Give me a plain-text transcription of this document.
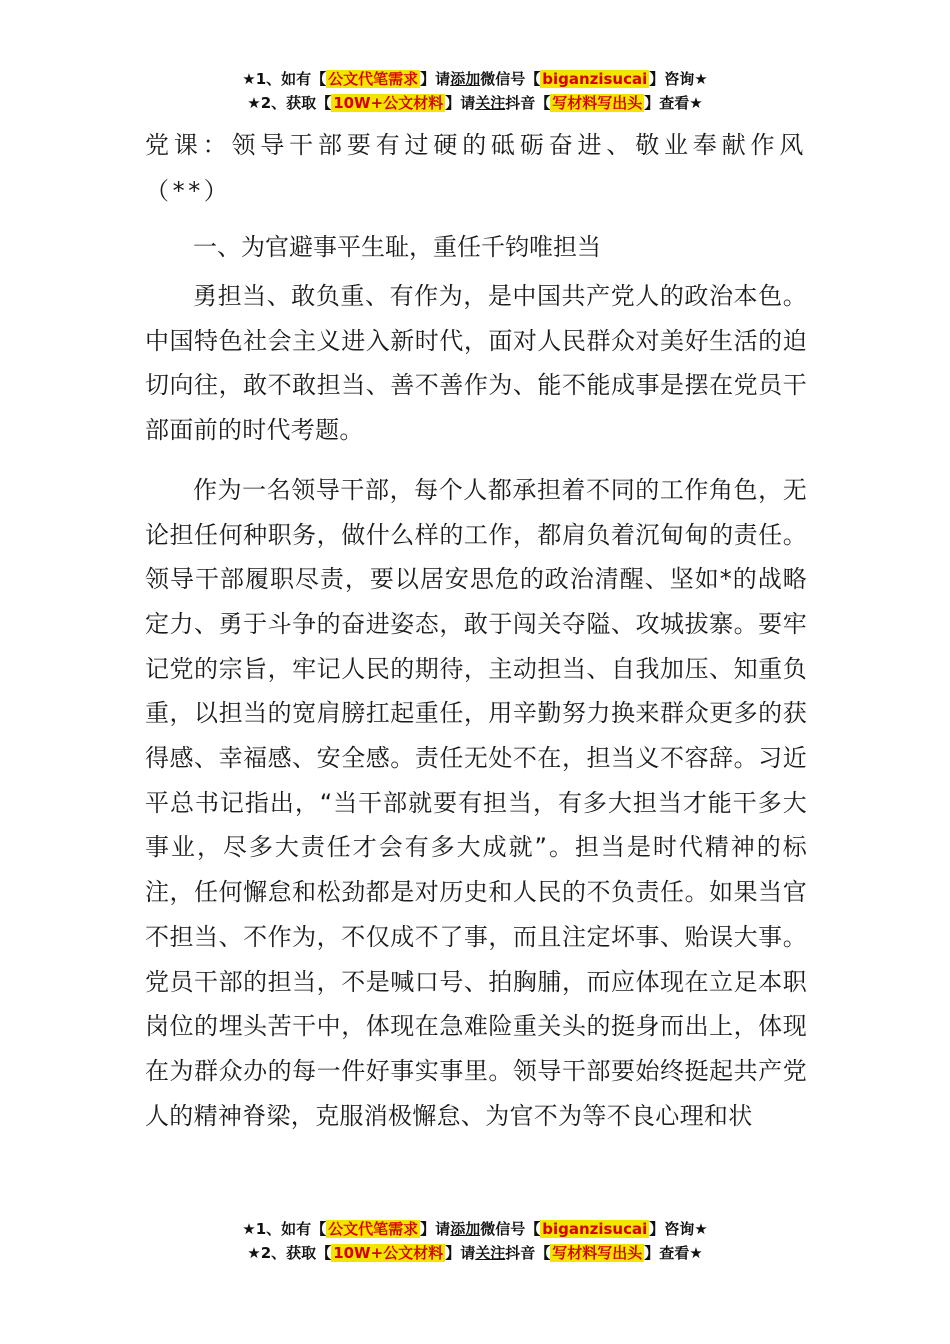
★1、如有【 公文代笔需求 】请添加微信号【 biganzisucai 】咨询★
★2、获取【 10W+公文材料 】请关注抖音【 写材料写出头 】查看★
党课：领导干部要有过硬的砥砺奋进、敬业奉献作风（**）
一、为官避事平生耻，重任千钧唯担当

勇担当、敢负重、有作为，是中国共产党人的政治本色。中国特色社会主义进入新时代，面对人民群众对美好生活的迫切向往，敢不敢担当、善不善作为、能不能成事是摆在党员干部面前的时代考题。

作为一名领导干部，每个人都承担着不同的工作角色，无论担任何种职务，做什么样的工作，都肩负着沉甸甸的责任。领导干部履职尽责，要以居安思危的政治清醒、坚如*的战略定力、勇于斗争的奋进姿态，敢于闯关夺隘、攻城拔寨。要牢记党的宗旨，牢记人民的期待，主动担当、自我加压、知重负重，以担当的宽肩膀扛起重任，用辛勤努力换来群众更多的获得感、幸福感、安全感。责任无处不在，担当义不容辞。习近平总书记指出，“当干部就要有担当，有多大担当才能干多大事业，尽多大责任才会有多大成就”。担当是时代精神的标注，任何懈怠和松劲都是对历史和人民的不负责任。如果当官不担当、不作为，不仅成不了事，而且注定坏事、贻误大事。党员干部的担当，不是喊口号、拍胸脯，而应体现在立足本职岗位的埋头苦干中，体现在急难险重关头的挺身而出上，体现在为群众办的每一件好事实事里。领导干部要始终挺起共产党人的精神脊梁，克服消极懈怠、为官不为等不良心理和状

★1、如有【 公文代笔需求 】请添加微信号【 biganzisucai 】咨询★
★2、获取【 10W+公文材料 】请关注抖音【 写材料写出头 】查看★
